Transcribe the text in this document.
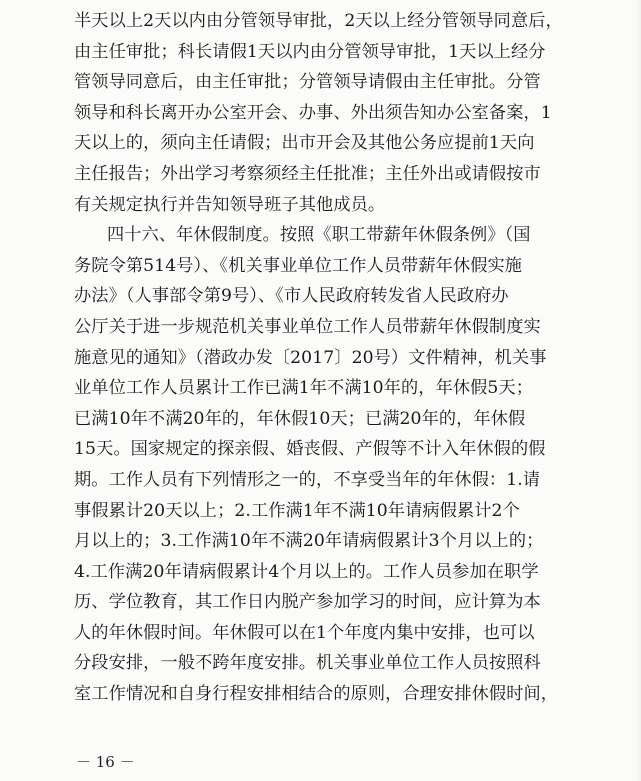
半天以上2天以内由分管领导审批，2天以上经分管领导同意后，
由主任审批；科长请假1天以内由分管领导审批，1天以上经分
管领导同意后，由主任审批；分管领导请假由主任审批。分管
领导和科长离开办公室开会、办事、外出须告知办公室备案，1
天以上的，须向主任请假；出市开会及其他公务应提前1天向
主任报告；外出学习考察须经主任批准；主任外出或请假按市
有关规定执行并告知领导班子其他成员。
四十六、年休假制度。按照《职工带薪年休假条例》（国
务院令第514号）、《机关事业单位工作人员带薪年休假实施
办法》（人事部令第9号）、《市人民政府转发省人民政府办
公厅关于进一步规范机关事业单位工作人员带薪年休假制度实
施意见的通知》（潜政办发〔2017〕20号）文件精神，机关事
业单位工作人员累计工作已满1年不满10年的，年休假5天；
已满10年不满20年的，年休假10天；已满20年的，年休假
15天。国家规定的探亲假、婚丧假、产假等不计入年休假的假
期。工作人员有下列情形之一的，不享受当年的年休假：1.请
事假累计20天以上；2.工作满1年不满10年请病假累计2个
月以上的；3.工作满10年不满20年请病假累计3个月以上的；
4.工作满20年请病假累计4个月以上的。工作人员参加在职学
历、学位教育，其工作日内脱产参加学习的时间，应计算为本
人的年休假时间。年休假可以在1个年度内集中安排，也可以
分段安排，一般不跨年度安排。机关事业单位工作人员按照科
室工作情况和自身行程安排相结合的原则，合理安排休假时间，
－ 16 －
